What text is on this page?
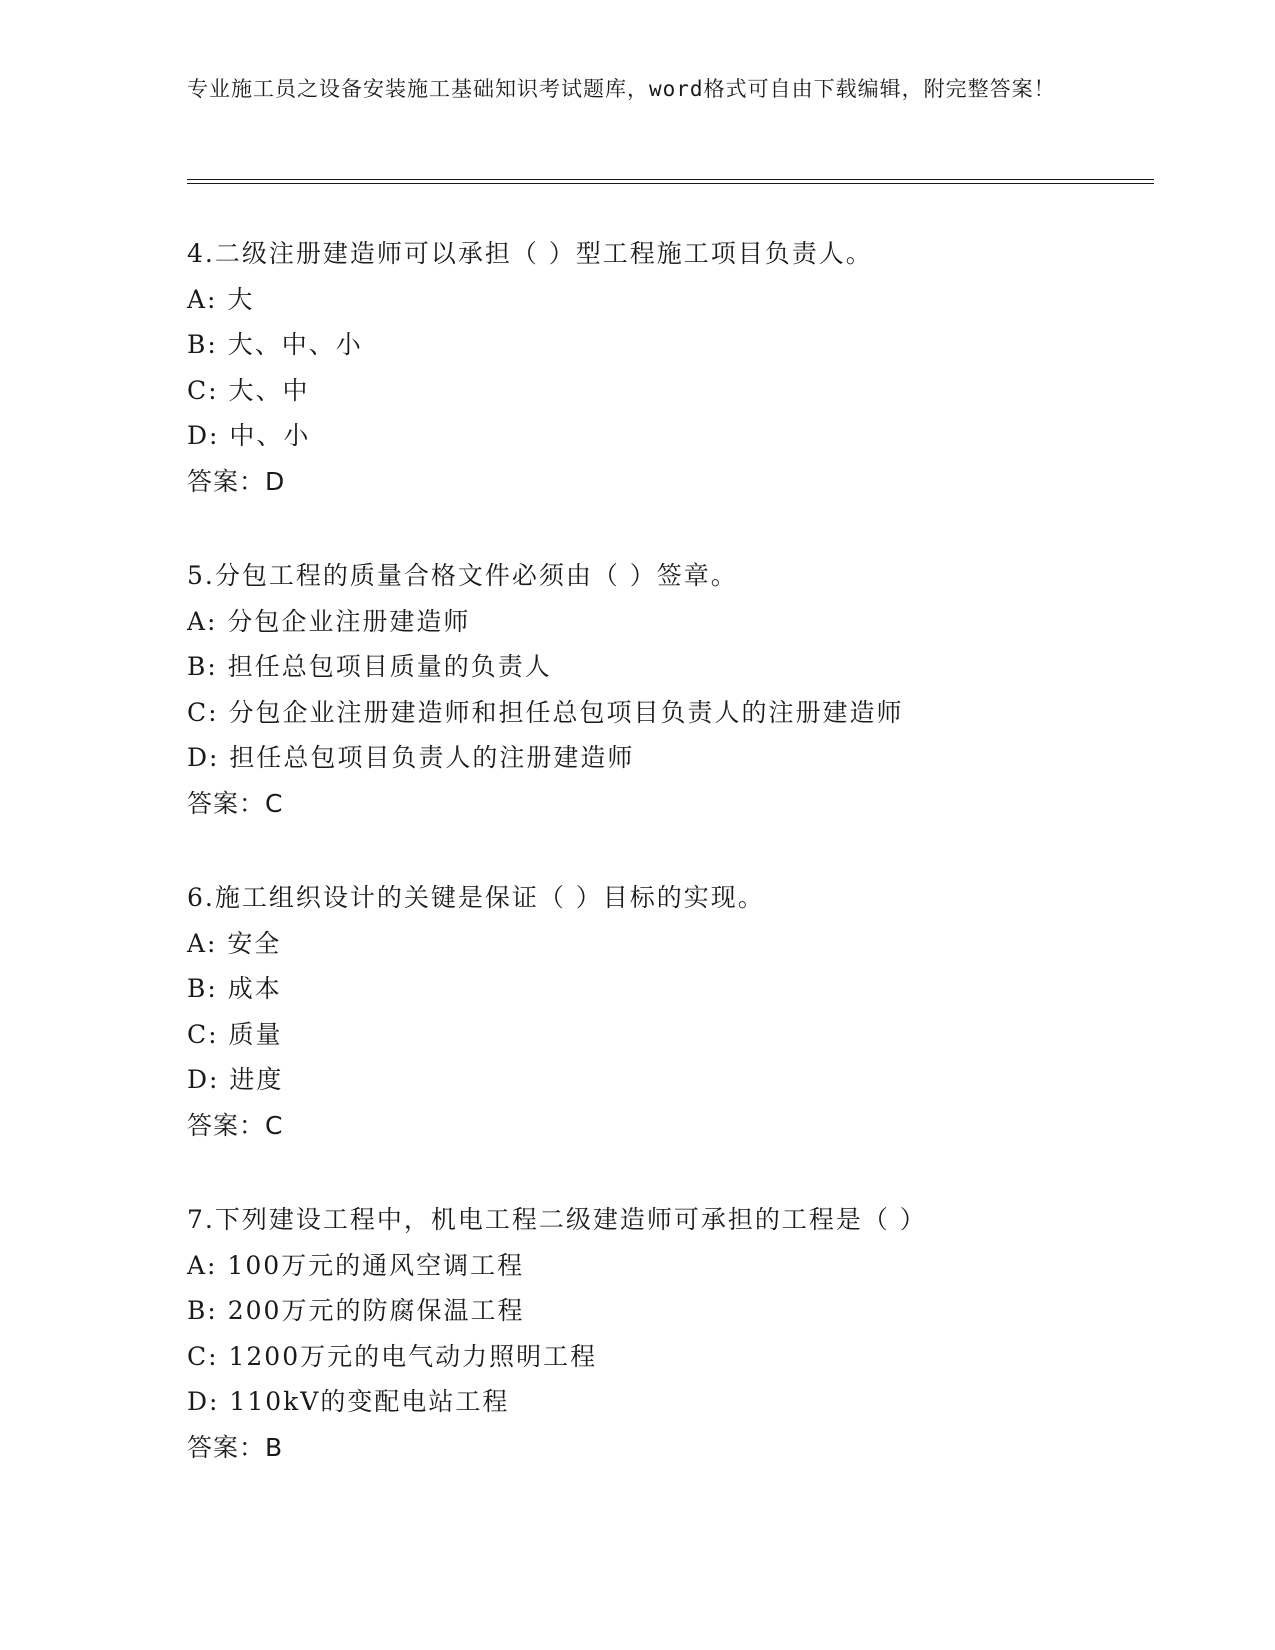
专业施工员之设备安装施工基础知识考试题库，word格式可自由下载编辑，附完整答案！
4.二级注册建造师可以承担（ ）型工程施工项目负责人。
A: 大
B: 大、中、小
C: 大、中
D: 中、小
答案：D
5.分包工程的质量合格文件必须由（ ）签章。
A: 分包企业注册建造师
B: 担任总包项目质量的负责人
C: 分包企业注册建造师和担任总包项目负责人的注册建造师
D: 担任总包项目负责人的注册建造师
答案：C
6.施工组织设计的关键是保证（ ）目标的实现。
A: 安全
B: 成本
C: 质量
D: 进度
答案：C
7.下列建设工程中，机电工程二级建造师可承担的工程是（ ）
A: 100万元的通风空调工程
B: 200万元的防腐保温工程
C: 1200万元的电气动力照明工程
D: 110kV的变配电站工程
答案：B
